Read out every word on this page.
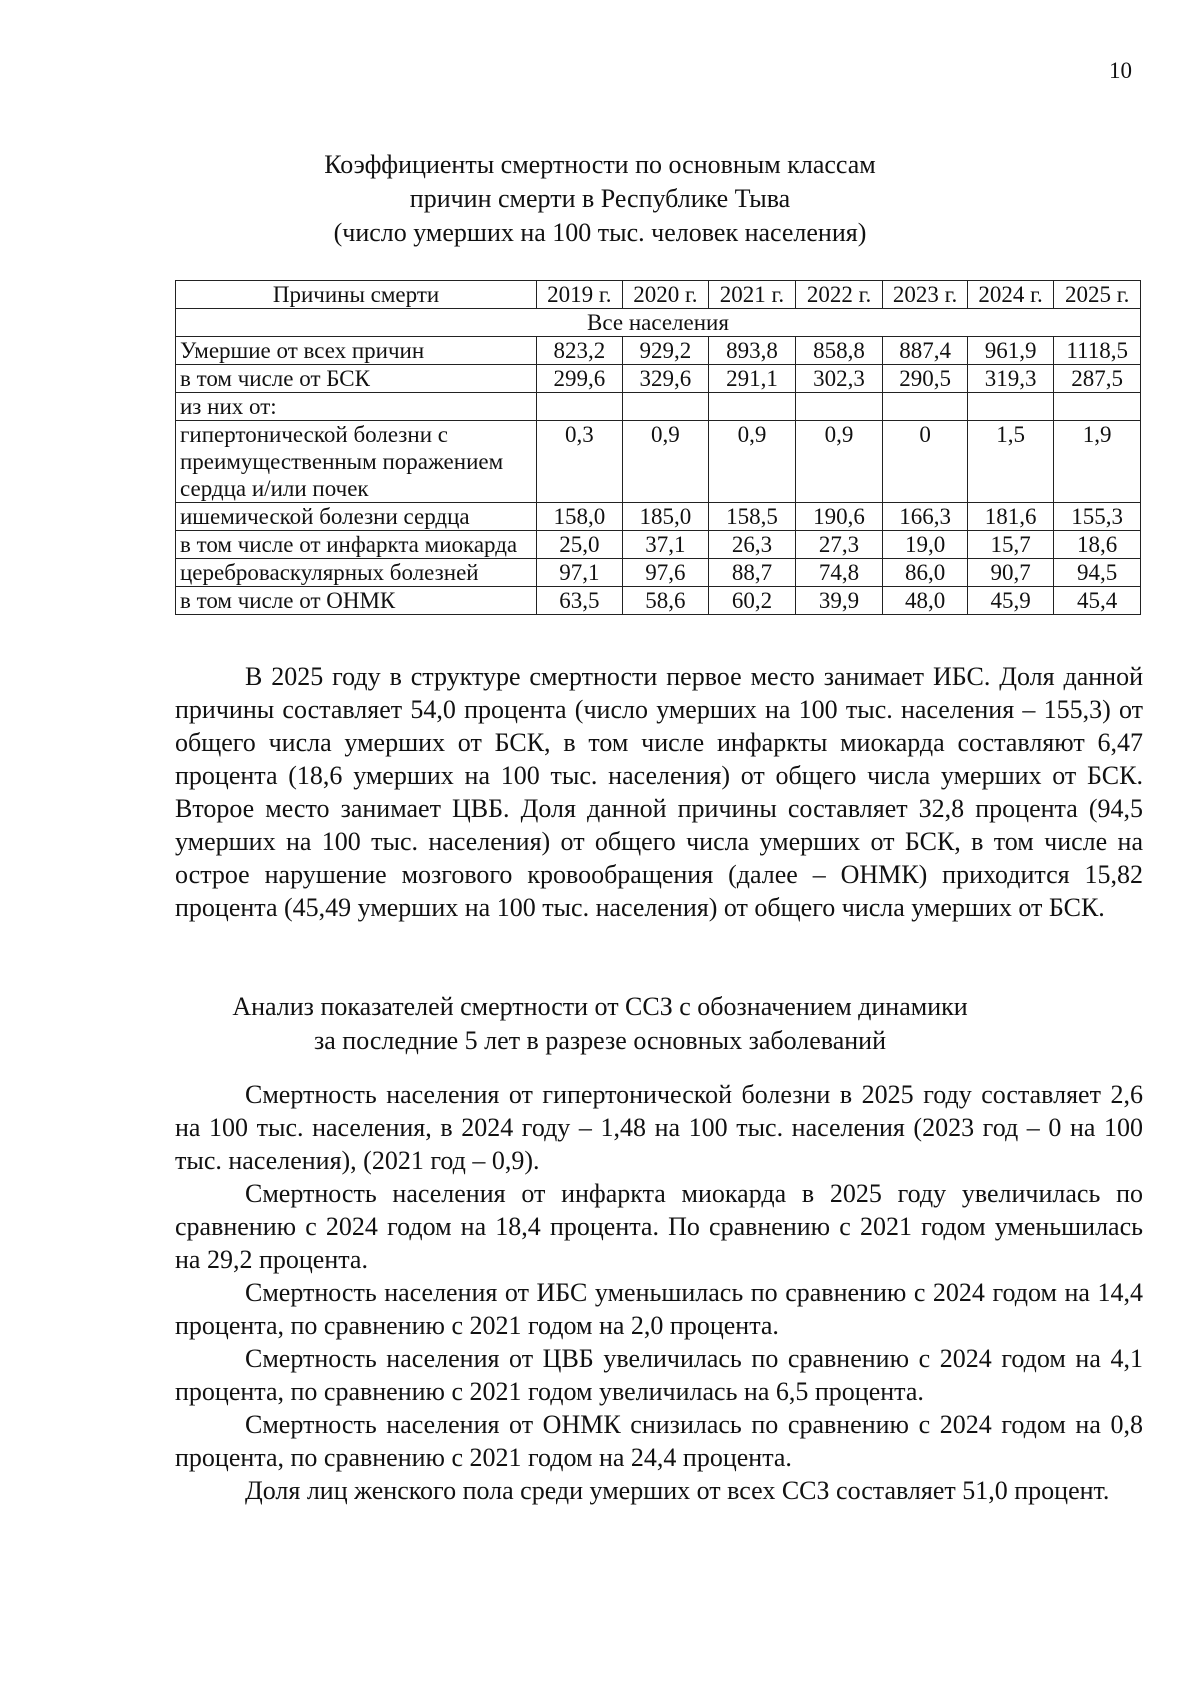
10
Коэффициенты смертности по основным классам
причин смерти в Республике Тыва
(число умерших на 100 тыс. человек населения)
Причины смерти	2019 г.	2020 г.	2021 г.	2022 г.	2023 г.	2024 г.	2025 г.
Все населения							
Умершие от всех причин	823,2	929,2	893,8	858,8	887,4	961,9	1118,5
в том числе от БСК	299,6	329,6	291,1	302,3	290,5	319,3	287,5
из них от:							
гипертонической болезни с преимущественным поражением сердца и/или почек	0,3	0,9	0,9	0,9	0	1,5	1,9
ишемической болезни сердца	158,0	185,0	158,5	190,6	166,3	181,6	155,3
в том числе от инфаркта миокарда	25,0	37,1	26,3	27,3	19,0	15,7	18,6
цереброваскулярных болезней	97,1	97,6	88,7	74,8	86,0	90,7	94,5
в том числе от ОНМК	63,5	58,6	60,2	39,9	48,0	45,9	45,4

В 2025 году в структуре смертности первое место занимает ИБС. Доля данной причины составляет 54,0 процента (число умерших на 100 тыс. населения – 155,3) от общего числа умерших от БСК, в том числе инфаркты миокарда составляют 6,47 процента (18,6 умерших на 100 тыс. населения) от общего числа умерших от БСК. Второе место занимает ЦВБ. Доля данной причины составляет 32,8 процента (94,5 умерших на 100 тыс. населения) от общего числа умерших от БСК, в том числе на острое нарушение мозгового кровообращения (далее – ОНМК) приходится 15,82 процента (45,49 умерших на 100 тыс. населения) от общего числа умерших от БСК.

Анализ показателей смертности от ССЗ с обозначением динамики
за последние 5 лет в разрезе основных заболеваний

Смертность населения от гипертонической болезни в 2025 году составляет 2,6 на 100 тыс. населения, в 2024 году – 1,48 на 100 тыс. населения (2023 год – 0 на 100 тыс. населения), (2021 год – 0,9).

Смертность населения от инфаркта миокарда в 2025 году увеличилась по сравнению с 2024 годом на 18,4 процента. По сравнению с 2021 годом уменьшилась на 29,2 процента.

Смертность населения от ИБС уменьшилась по сравнению с 2024 годом на 14,4 процента, по сравнению с 2021 годом на 2,0 процента.

Смертность населения от ЦВБ увеличилась по сравнению с 2024 годом на 4,1 процента, по сравнению с 2021 годом увеличилась на 6,5 процента.

Смертность населения от ОНМК снизилась по сравнению с 2024 годом на 0,8 процента, по сравнению с 2021 годом на 24,4 процента.

Доля лиц женского пола среди умерших от всех ССЗ составляет 51,0 процент.
